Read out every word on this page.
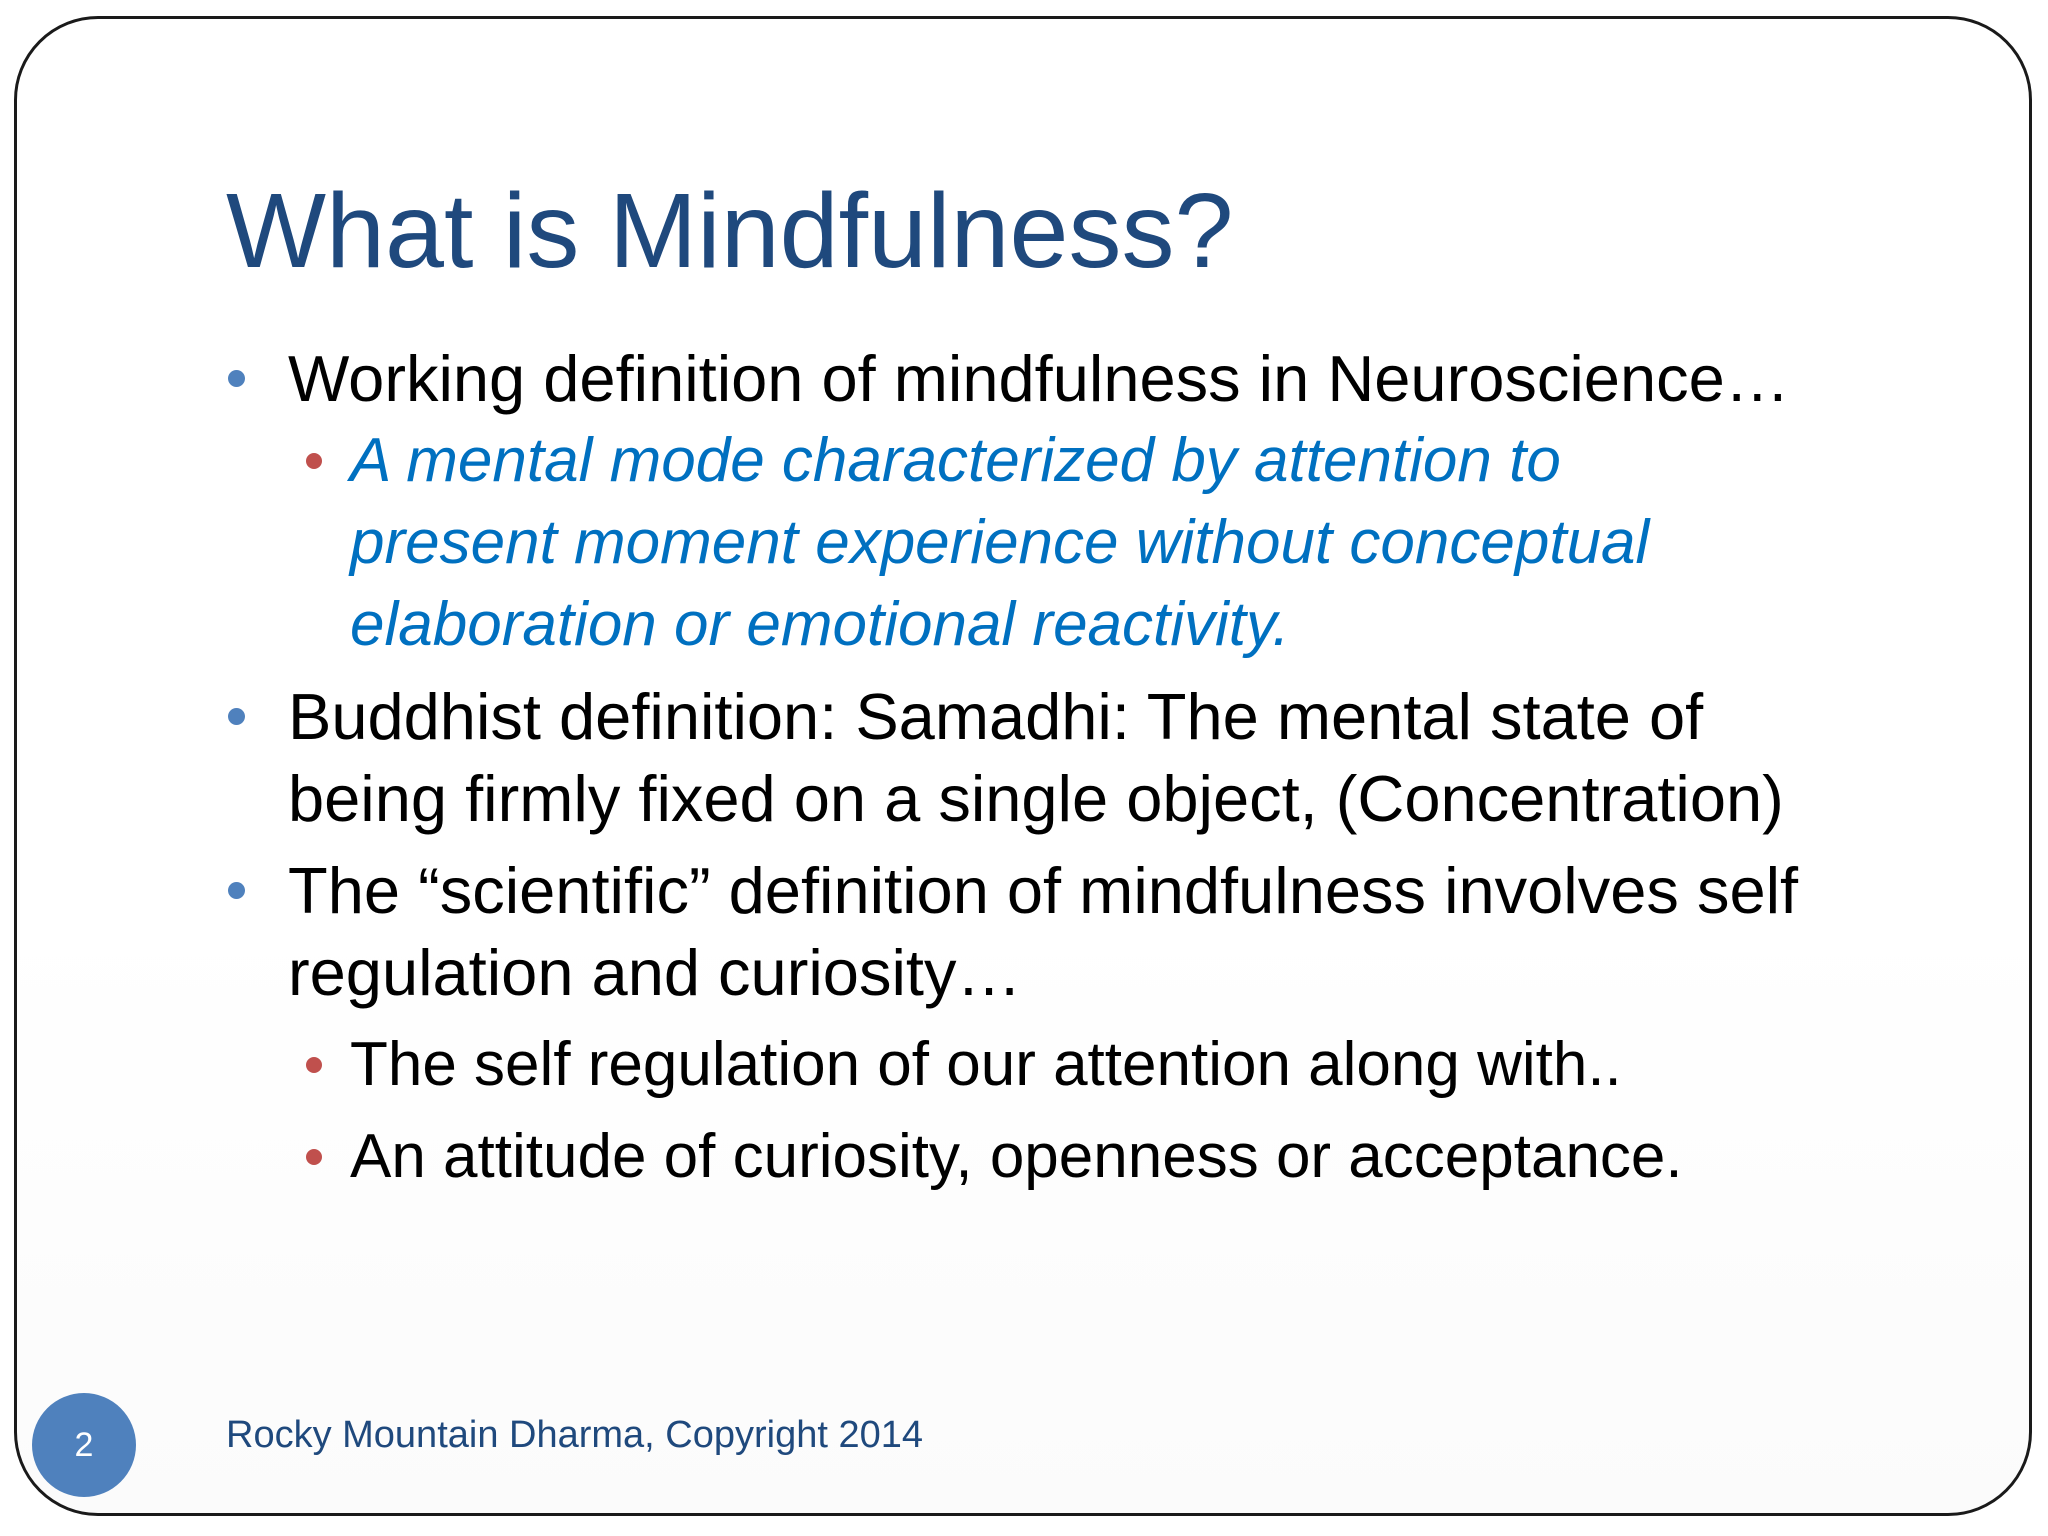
What is Mindfulness?
Working definition of mindfulness in Neuroscience…
A mental mode characterized by attention to
present moment experience without conceptual
elaboration or emotional reactivity.
Buddhist definition: Samadhi: The mental state of
being firmly fixed on a single object, (Concentration)
The “scientific” definition of mindfulness involves self
regulation and curiosity…
The self regulation of our attention along with..
An attitude of curiosity, openness or acceptance.
2	Rocky Mountain Dharma, Copyright 2014
